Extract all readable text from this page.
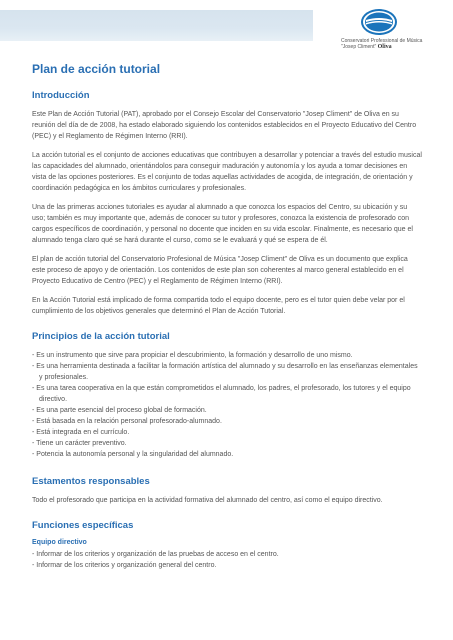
Conservatori Professional de Música
"Josep Climent" Oliva
Plan de acción tutorial
Introducción

Este Plan de Acción Tutorial (PAT), aprobado por el Consejo Escolar del Conservatorio "Josep Climent" de Oliva en su reunión del día de de 2008, ha estado elaborado siguiendo los contenidos establecidos en el Proyecto Educativo del Centro (PEC) y el Reglamento de Régimen Interno (RRI).

La acción tutorial es el conjunto de acciones educativas que contribuyen a desarrollar y potenciar a través del estudio musical las capacidades del alumnado, orientándolos para conseguir maduración y autonomía y los ayuda a tomar decisiones en vista de las opciones posteriores. Es el conjunto de todas aquellas actividades de acogida, de integración, de orientación y coordinación pedagógica en los ámbitos curriculares y profesionales.

Una de las primeras acciones tutoriales es ayudar al alumnado a que conozca los espacios del Centro, su ubicación y su uso; también es muy importante que, además de conocer su tutor y profesores, conozca la existencia de profesorado con cargos específicos de coordinación, y personal no docente que inciden en su vida escolar. Finalmente, es necesario que el alumnado tenga claro qué se hará durante el curso, como se le evaluará y qué se espera de él.

El plan de acción tutorial del Conservatorio Profesional de Música "Josep Climent" de Oliva es un documento que explica este proceso de apoyo y de orientación. Los contenidos de este plan son coherentes al marco general establecido en el Proyecto Educativo de Centro (PEC) y el Reglamento de Régimen Interno (RRI).

En la Acción Tutorial está implicado de forma compartida todo el equipo docente, pero es el tutor quien debe velar por el cumplimiento de los objetivos generales que determinó el Plan de Acción Tutorial.

Principios de la acción tutorial
- Es un instrumento que sirve para propiciar el descubrimiento, la formación y desarrollo de uno mismo.
- Es una herramienta destinada a facilitar la formación artística del alumnado y su desarrollo en las enseñanzas elementales y profesionales.
- Es una tarea cooperativa en la que están comprometidos el alumnado, los padres, el profesorado, los tutores y el equipo directivo.
- Es una parte esencial del proceso global de formación.
- Está basada en la relación personal profesorado-alumnado.
- Está integrada en el currículo.
- Tiene un carácter preventivo.
- Potencia la autonomía personal y la singularidad del alumnado.
Estamentos responsables

Todo el profesorado que participa en la actividad formativa del alumnado del centro, así como el equipo directivo.

Funciones específicas
Equipo directivo
- Informar de los criterios y organización de las pruebas de acceso en el centro.
- Informar de los criterios y organización general del centro.
